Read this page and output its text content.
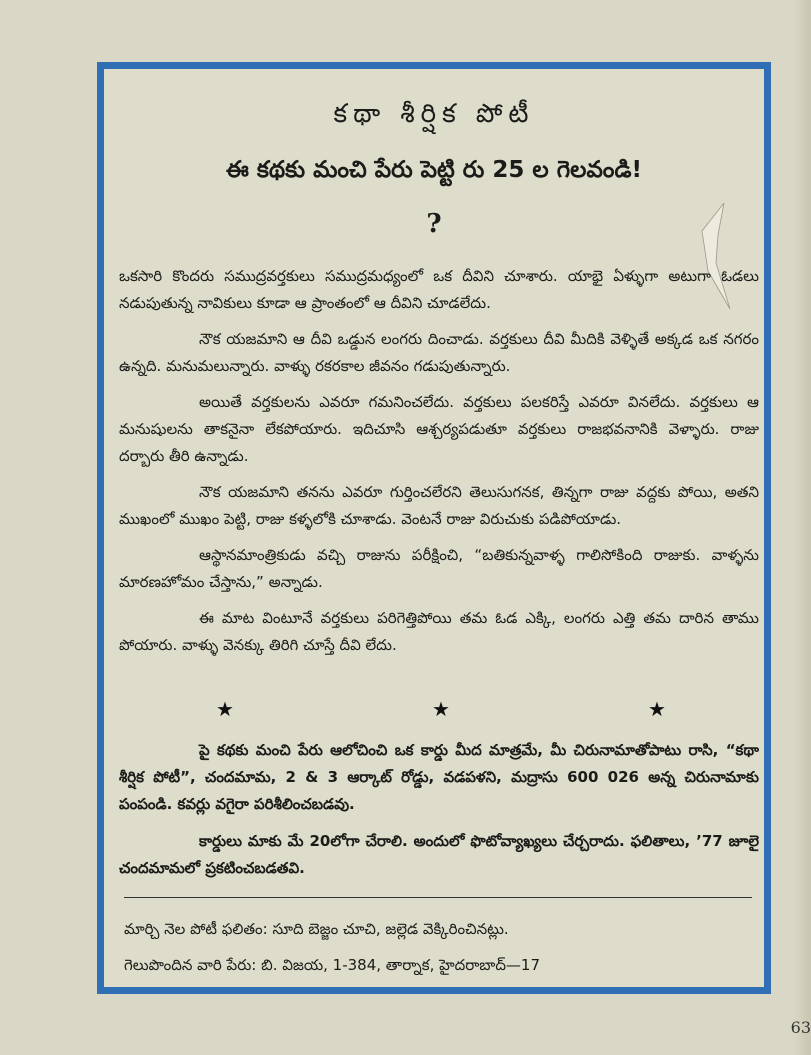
కథా శీర్షిక పోటీ
ఈ కథకు మంచి పేరు పెట్టి రు 25 ల గెలవండి!
?

ఒకసారి కొందరు సముద్రవర్తకులు సముద్రమధ్యంలో ఒక దీవిని చూశారు. యాభై ఏళ్ళుగా అటుగా ఓడలు నడుపుతున్న నావికులు కూడా ఆ ప్రాంతంలో ఆ దీవిని చూడలేదు.

నౌక యజమాని ఆ దీవి ఒడ్డున లంగరు దించాడు. వర్తకులు దీవి మీదికి వెళ్ళితే అక్కడ ఒక నగరం ఉన్నది. మనుమలున్నారు. వాళ్ళు రకరకాల జీవనం గడుపుతున్నారు.

అయితే వర్తకులను ఎవరూ గమనించలేదు. వర్తకులు పలకరిస్తే ఎవరూ వినలేదు. వర్తకులు ఆ మనుషులను తాకనైనా లేకపోయారు. ఇదిచూసి ఆశ్చర్యపడుతూ వర్తకులు రాజభవనానికి వెళ్ళారు. రాజు దర్బారు తీరి ఉన్నాడు.

నౌక యజమాని తనను ఎవరూ గుర్తించలేరని తెలుసుగనక, తిన్నగా రాజు వద్దకు పోయి, అతని ముఖంలో ముఖం పెట్టి, రాజు కళ్ళలోకి చూశాడు. వెంటనే రాజు విరుచుకు పడిపోయాడు.

ఆస్థానమాంత్రికుడు వచ్చి రాజును పరీక్షించి, “బతికున్నవాళ్ళ గాలిసోకింది రాజుకు. వాళ్ళను మారణహోమం చేస్తాను,” అన్నాడు.

ఈ మాట వింటూనే వర్తకులు పరిగెత్తిపోయి తమ ఓడ ఎక్కి, లంగరు ఎత్తి తమ దారిన తాము పోయారు. వాళ్ళు వెనక్కు తిరిగి చూస్తే దీవి లేదు.

★	★	★

పై కథకు మంచి పేరు ఆలోచించి ఒక కార్డు మీద మాత్రమే, మీ చిరునామాతోపాటు రాసి, “కథా శీర్షిక పోటీ”, చందమామ, 2 & 3 ఆర్కాట్ రోడ్డు, వడపళని, మద్రాసు 600 026 అన్న చిరునామాకు పంపండి. కవర్లు వగైరా పరిశీలించబడవు.

కార్డులు మాకు మే 20లోగా చేరాలి. అందులో ఫొటోవ్యాఖ్యలు చేర్చరాదు. ఫలితాలు, ’77 జూలై చందమామలో ప్రకటించబడతవి.

మార్చి నెల పోటీ ఫలితం: సూది బెజ్జం చూచి, జల్లెడ వెక్కిరించినట్లు.
గెలుపొందిన వారి పేరు: బి. విజయ, 1-384, తార్నాక, హైదరాబాద్—17
63
